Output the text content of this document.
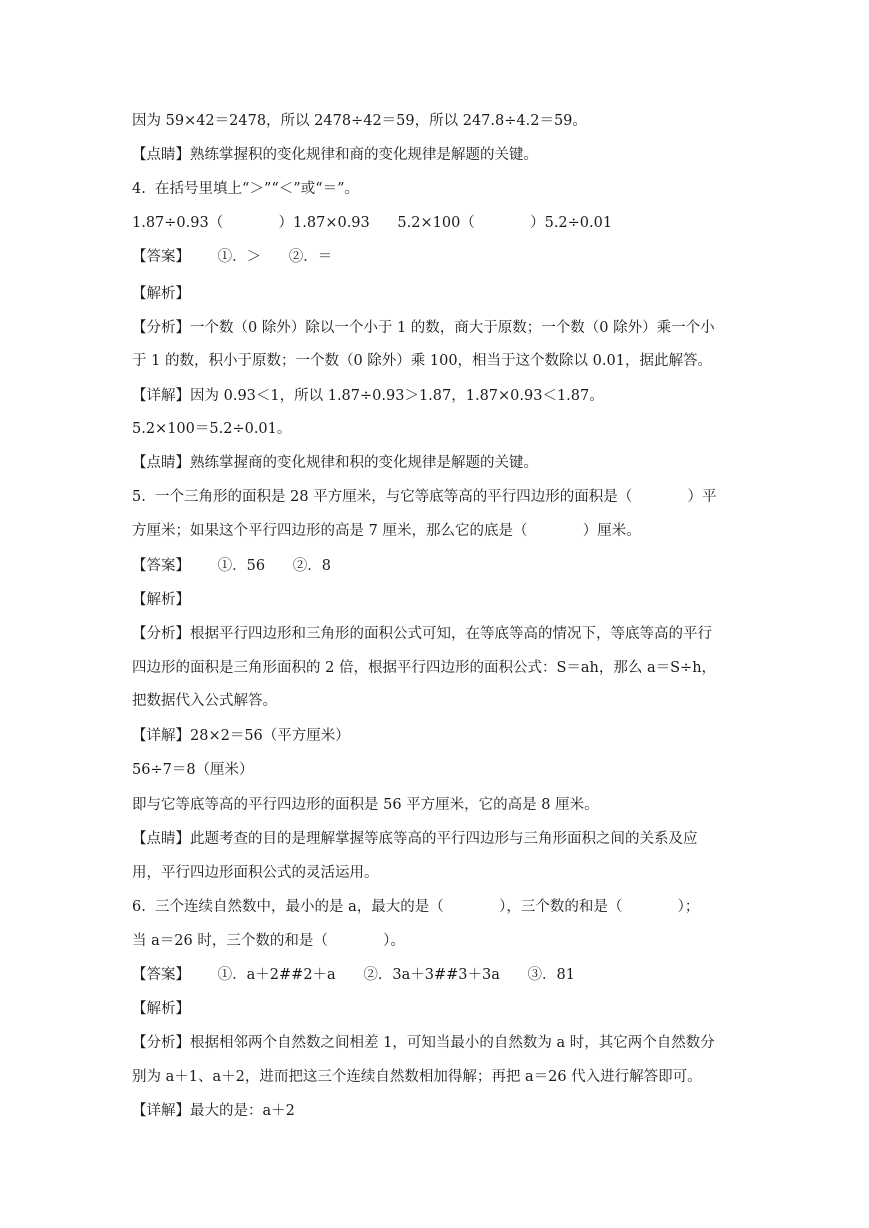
因为 59×42＝2478，所以 2478÷42＝59，所以 247.8÷4.2＝59。
【点睛】熟练掌握积的变化规律和商的变化规律是解题的关键。
4.  在括号里填上“＞”“＜”或“＝”。
1.87÷0.93（            ）1.87×0.93      5.2×100（            ）5.2÷0.01
【答案】      ①．＞      ②．＝
【解析】
【分析】一个数（0 除外）除以一个小于 1 的数，商大于原数；一个数（0 除外）乘一个小
于 1 的数，积小于原数；一个数（0 除外）乘 100，相当于这个数除以 0.01，据此解答。
【详解】因为 0.93＜1，所以 1.87÷0.93＞1.87，1.87×0.93＜1.87。
5.2×100＝5.2÷0.01。
【点睛】熟练掌握商的变化规律和积的变化规律是解题的关键。
5.  一个三角形的面积是 28 平方厘米，与它等底等高的平行四边形的面积是（            ）平
方厘米；如果这个平行四边形的高是 7 厘米，那么它的底是（            ）厘米。
【答案】      ①．56      ②．8
【解析】
【分析】根据平行四边形和三角形的面积公式可知，在等底等高的情况下，等底等高的平行
四边形的面积是三角形面积的 2 倍，根据平行四边形的面积公式：S＝ah，那么 a＝S÷h，
把数据代入公式解答。
【详解】28×2＝56（平方厘米）
56÷7＝8（厘米）
即与它等底等高的平行四边形的面积是 56 平方厘米，它的高是 8 厘米。
【点睛】此题考查的目的是理解掌握等底等高的平行四边形与三角形面积之间的关系及应
用，平行四边形面积公式的灵活运用。
6.  三个连续自然数中，最小的是 a，最大的是（            ），三个数的和是（            ）；
当 a＝26 时，三个数的和是（            ）。
【答案】      ①．a＋2##2＋a      ②．3a＋3##3＋3a      ③．81
【解析】
【分析】根据相邻两个自然数之间相差 1，可知当最小的自然数为 a 时，其它两个自然数分
别为 a＋1、a＋2，进而把这三个连续自然数相加得解；再把 a＝26 代入进行解答即可。
【详解】最大的是：a＋2
